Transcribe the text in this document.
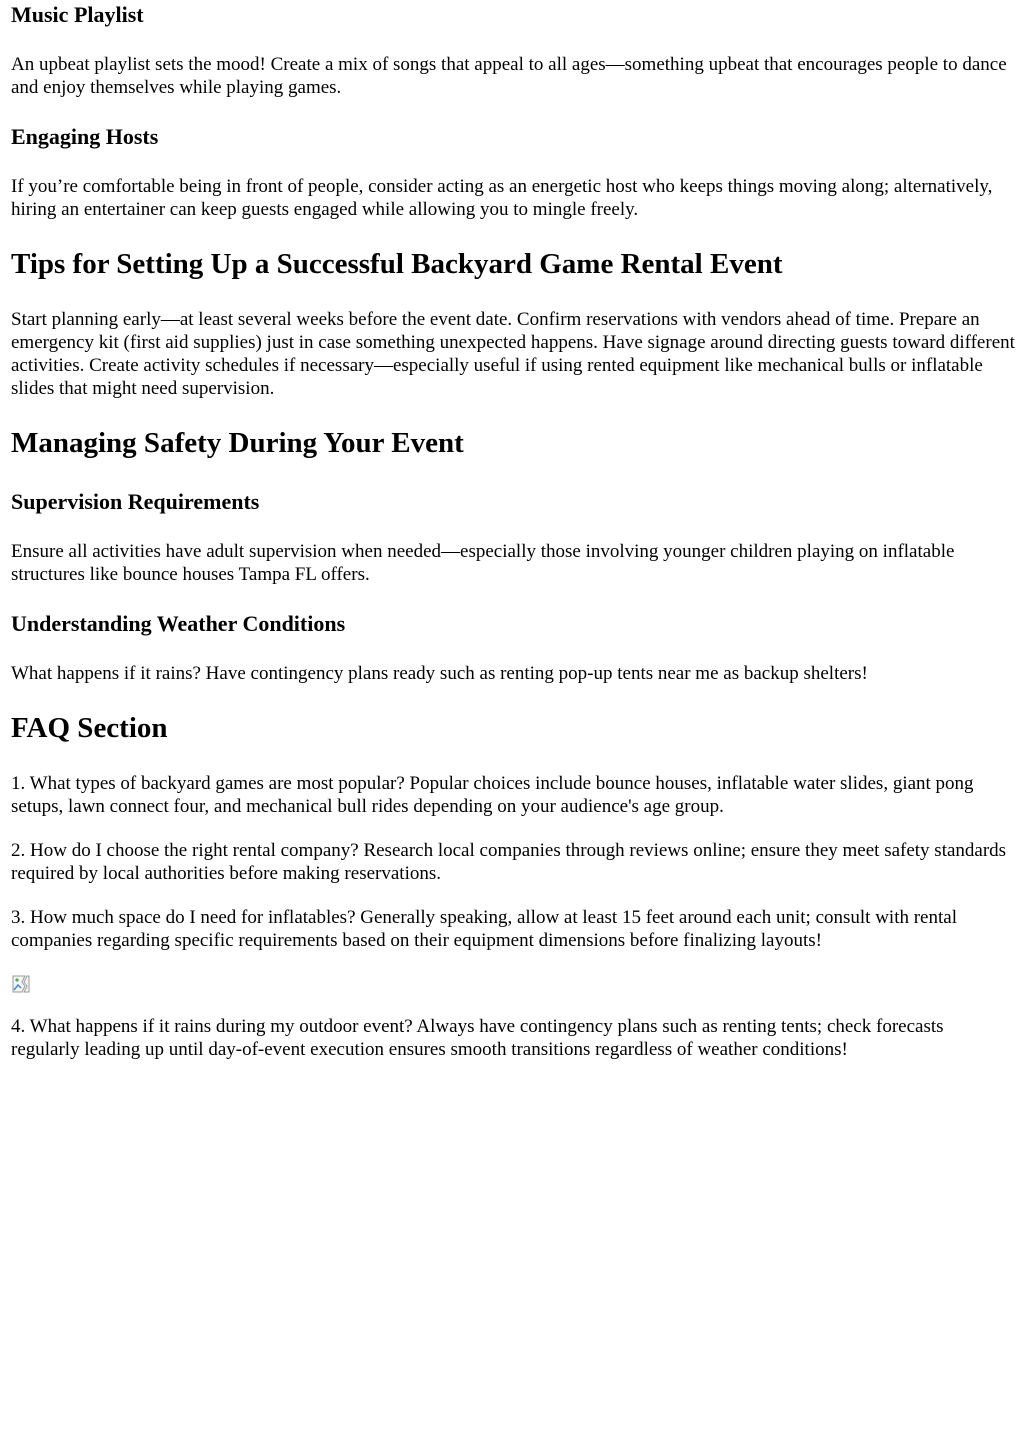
Music Playlist

An upbeat playlist sets the mood! Create a mix of songs that appeal to all ages—something upbeat that encourages people to dance and enjoy themselves while playing games.

Engaging Hosts

If you’re comfortable being in front of people, consider acting as an energetic host who keeps things moving along; alternatively, hiring an entertainer can keep guests engaged while allowing you to mingle freely.

Tips for Setting Up a Successful Backyard Game Rental Event

Start planning early—at least several weeks before the event date. Confirm reservations with vendors ahead of time. Prepare an emergency kit (first aid supplies) just in case something unexpected happens. Have signage around directing guests toward different activities. Create activity schedules if necessary—especially useful if using rented equipment like mechanical bulls or inflatable slides that might need supervision.

Managing Safety During Your Event
Supervision Requirements

Ensure all activities have adult supervision when needed—especially those involving younger children playing on inflatable structures like bounce houses Tampa FL offers.

Understanding Weather Conditions

What happens if it rains? Have contingency plans ready such as renting pop-up tents near me as backup shelters!

FAQ Section

1. What types of backyard games are most popular? Popular choices include bounce houses, inflatable water slides, giant pong setups, lawn connect four, and mechanical bull rides depending on your audience's age group.

2. How do I choose the right rental company? Research local companies through reviews online; ensure they meet safety standards required by local authorities before making reservations.

3. How much space do I need for inflatables? Generally speaking, allow at least 15 feet around each unit; consult with rental companies regarding specific requirements based on their equipment dimensions before finalizing layouts!

4. What happens if it rains during my outdoor event? Always have contingency plans such as renting tents; check forecasts regularly leading up until day-of-event execution ensures smooth transitions regardless of weather conditions!
